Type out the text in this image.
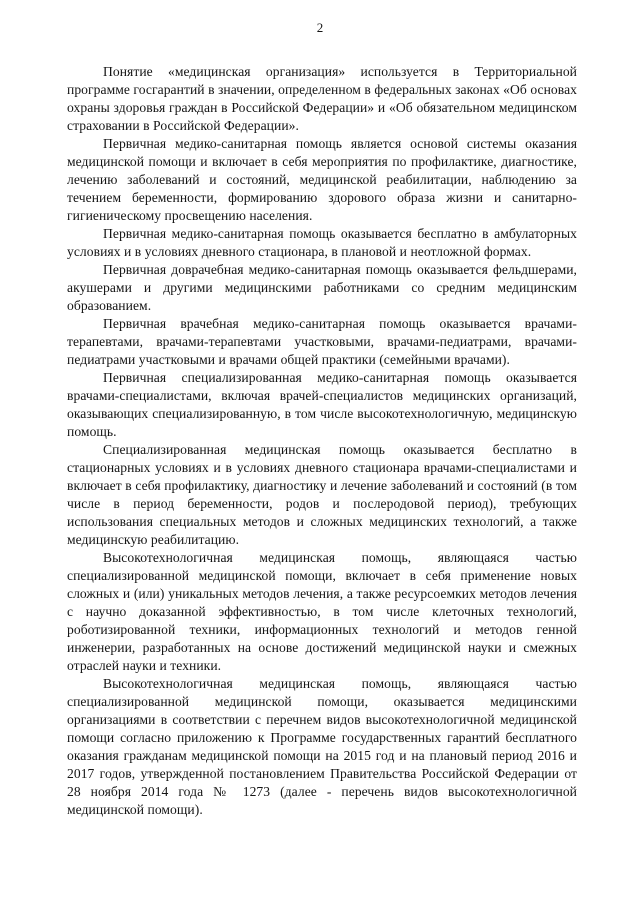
2

Понятие «медицинская организация» используется в Территориальной программе госгарантий в значении, определенном в федеральных законах «Об основах охраны здоровья граждан в Российской Федерации» и «Об обязательном медицинском страховании в Российской Федерации».

Первичная медико-санитарная помощь является основой системы оказания медицинской помощи и включает в себя мероприятия по профилактике, диагностике, лечению заболеваний и состояний, медицинской реабилитации, наблюдению за течением беременности, формированию здорового образа жизни и санитарно-гигиеническому просвещению населения.

Первичная медико-санитарная помощь оказывается бесплатно в амбулаторных условиях и в условиях дневного стационара, в плановой и неотложной формах.

Первичная доврачебная медико-санитарная помощь оказывается фельдшерами, акушерами и другими медицинскими работниками со средним медицинским образованием.

Первичная врачебная медико-санитарная помощь оказывается врачами-терапевтами, врачами-терапевтами участковыми, врачами-педиатрами, врачами-педиатрами участковыми и врачами общей практики (семейными врачами).

Первичная специализированная медико-санитарная помощь оказывается врачами-специалистами, включая врачей-специалистов медицинских организаций, оказывающих специализированную, в том числе высокотехнологичную, медицинскую помощь.

Специализированная медицинская помощь оказывается бесплатно в стационарных условиях и в условиях дневного стационара врачами-специалистами и включает в себя профилактику, диагностику и лечение заболеваний и состояний (в том числе в период беременности, родов и послеродовой период), требующих использования специальных методов и сложных медицинских технологий, а также медицинскую реабилитацию.

Высокотехнологичная медицинская помощь, являющаяся частью специализированной медицинской помощи, включает в себя применение новых сложных и (или) уникальных методов лечения, а также ресурсоемких методов лечения с научно доказанной эффективностью, в том числе клеточных технологий, роботизированной техники, информационных технологий и методов генной инженерии, разработанных на основе достижений медицинской науки и смежных отраслей науки и техники.

Высокотехнологичная медицинская помощь, являющаяся частью специализированной медицинской помощи, оказывается медицинскими организациями в соответствии с перечнем видов высокотехнологичной медицинской помощи согласно приложению к Программе государственных гарантий бесплатного оказания гражданам медицинской помощи на 2015 год и на плановый период 2016 и 2017 годов, утвержденной постановлением Правительства Российской Федерации от 28 ноября 2014 года № 1273 (далее - перечень видов высокотехнологичной медицинской помощи).
